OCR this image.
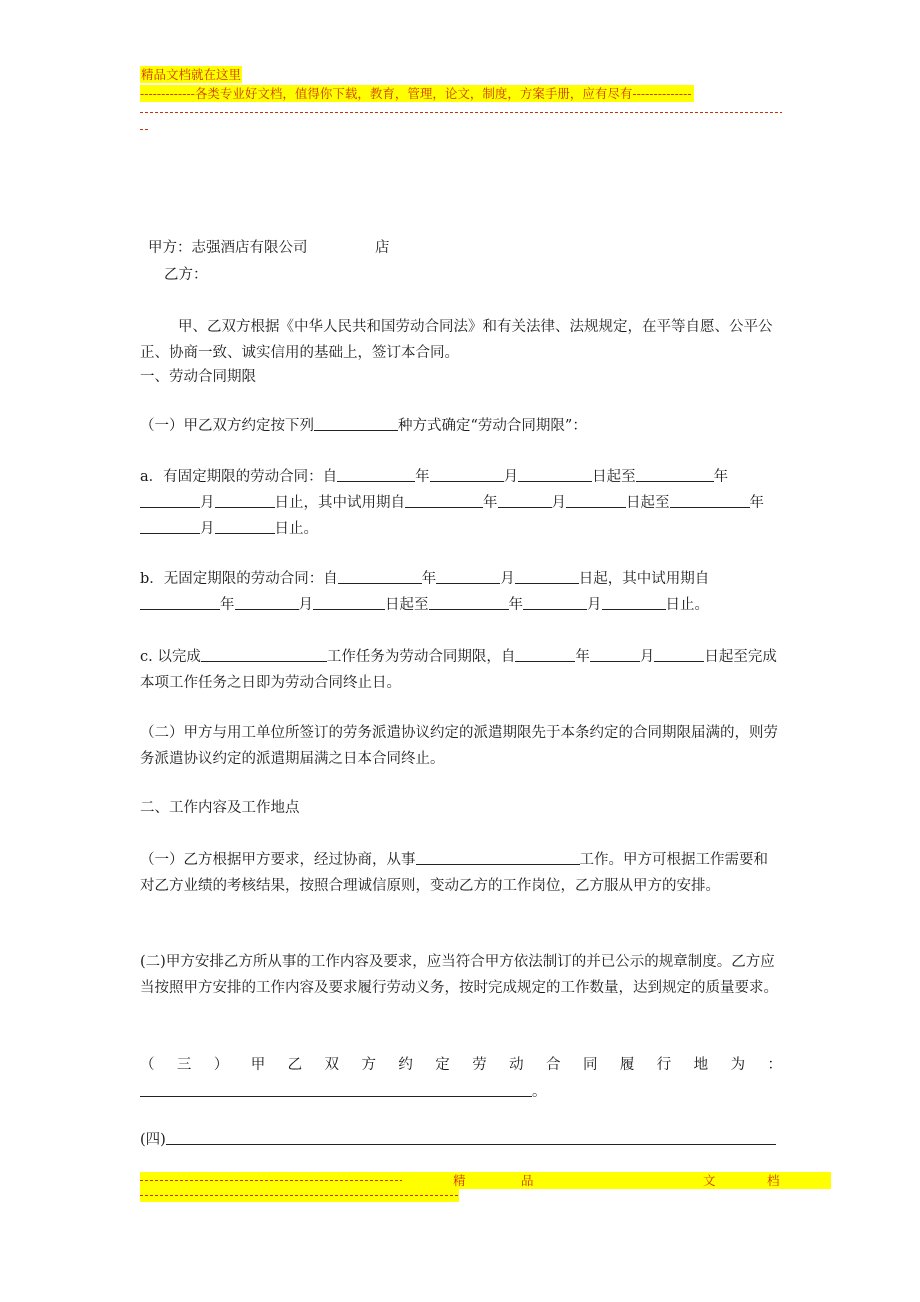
精品文档就在这里
-------------各类专业好文档，值得你下载，教育，管理，论文，制度，方案手册，应有尽有--------------
甲方：志强酒店有限公司	店
乙方：
甲、乙双方根据《中华人民共和国劳动合同法》和有关法律、法规规定，在平等自愿、公平公正、协商一致、诚实信用的基础上，签订本合同。
一、劳动合同期限
（一）甲乙双方约定按下列	种方式确定“劳动合同期限”：
a．有固定期限的劳动合同：自	年	月	日起至	年月	日止，其中试用期自	年	月	日起至	年月	日止。
b．无固定期限的劳动合同：自	年	月	日起，其中试用期自年	月	日起至	年	月	日止。
c. 以完成	工作任务为劳动合同期限，自	年	月	日起至完成本项工作任务之日即为劳动合同终止日。
（二）甲方与用工单位所签订的劳务派遣协议约定的派遣期限先于本条约定的合同期限届满的，则劳务派遣协议约定的派遣期届满之日本合同终止。
二、工作内容及工作地点
（一）乙方根据甲方要求，经过协商，从事	工作。甲方可根据工作需要和对乙方业绩的考核结果，按照合理诚信原则，变动乙方的工作岗位，乙方服从甲方的安排。
(二)甲方安排乙方所从事的工作内容及要求，应当符合甲方依法制订的并已公示的规章制度。乙方应当按照甲方安排的工作内容及要求履行劳动义务，按时完成规定的工作数量，达到规定的质量要求。
（三）甲乙双方约定劳动合同履行地为：
。
(四)
精	品	文	档
